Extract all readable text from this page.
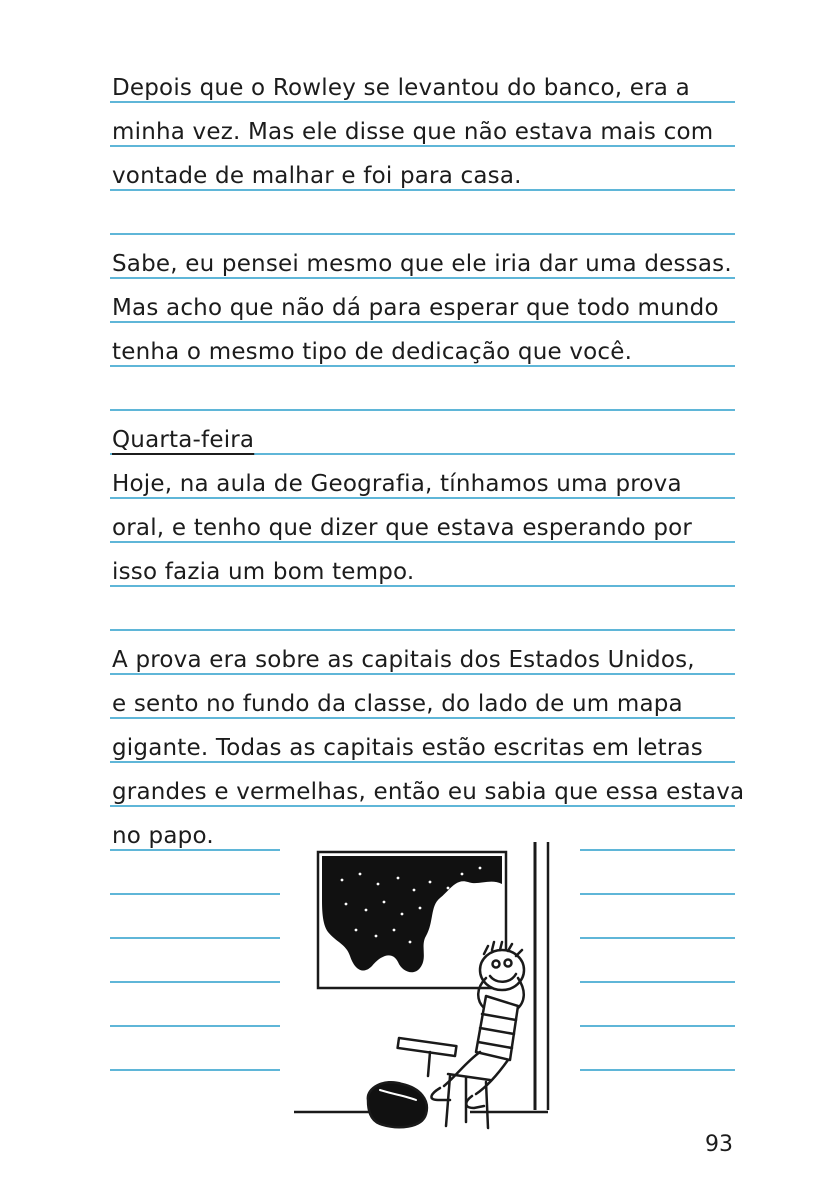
Depois que o Rowley se levantou do banco, era a
minha vez. Mas ele disse que não estava mais com
vontade de malhar e foi para casa.
Sabe, eu pensei mesmo que ele iria dar uma dessas.
Mas acho que não dá para esperar que todo mundo
tenha o mesmo tipo de dedicação que você.
Quarta-feira
Hoje, na aula de Geografia, tínhamos uma prova
oral, e tenho que dizer que estava esperando por
isso fazia um bom tempo.
A prova era sobre as capitais dos Estados Unidos,
e sento no fundo da classe, do lado de um mapa
gigante. Todas as capitais estão escritas em letras
grandes e vermelhas, então eu sabia que essa estava
no papo.
93
